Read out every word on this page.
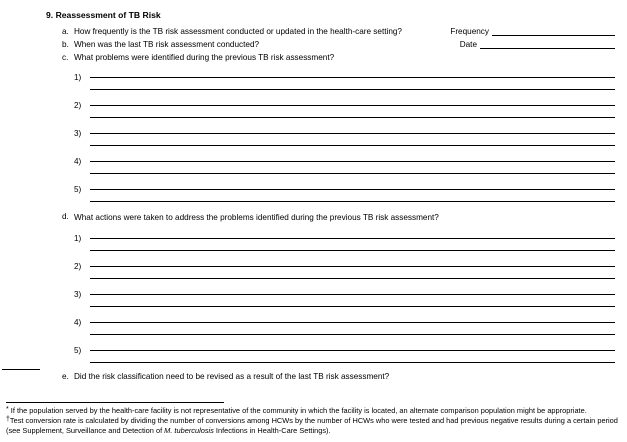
9. Reassessment of TB Risk
a. How frequently is the TB risk assessment conducted or updated in the health-care setting?	Frequency
b. When was the last TB risk assessment conducted?	Date
c. What problems were identified during the previous TB risk assessment?
1)
2)
3)
4)
5)
d. What actions were taken to address the problems identified during the previous TB risk assessment?
1)
2)
3)
4)
5)
e. Did the risk classification need to be revised as a result of the last TB risk assessment?
* If the population served by the health-care facility is not representative of the community in which the facility is located, an alternate comparison population might be appropriate.
†Test conversion rate is calculated by dividing the number of conversions among HCWs by the number of HCWs who were tested and had previous negative results during a certain period (see Supplement, Surveillance and Detection of M. tuberculosis Infections in Health-Care Settings).
